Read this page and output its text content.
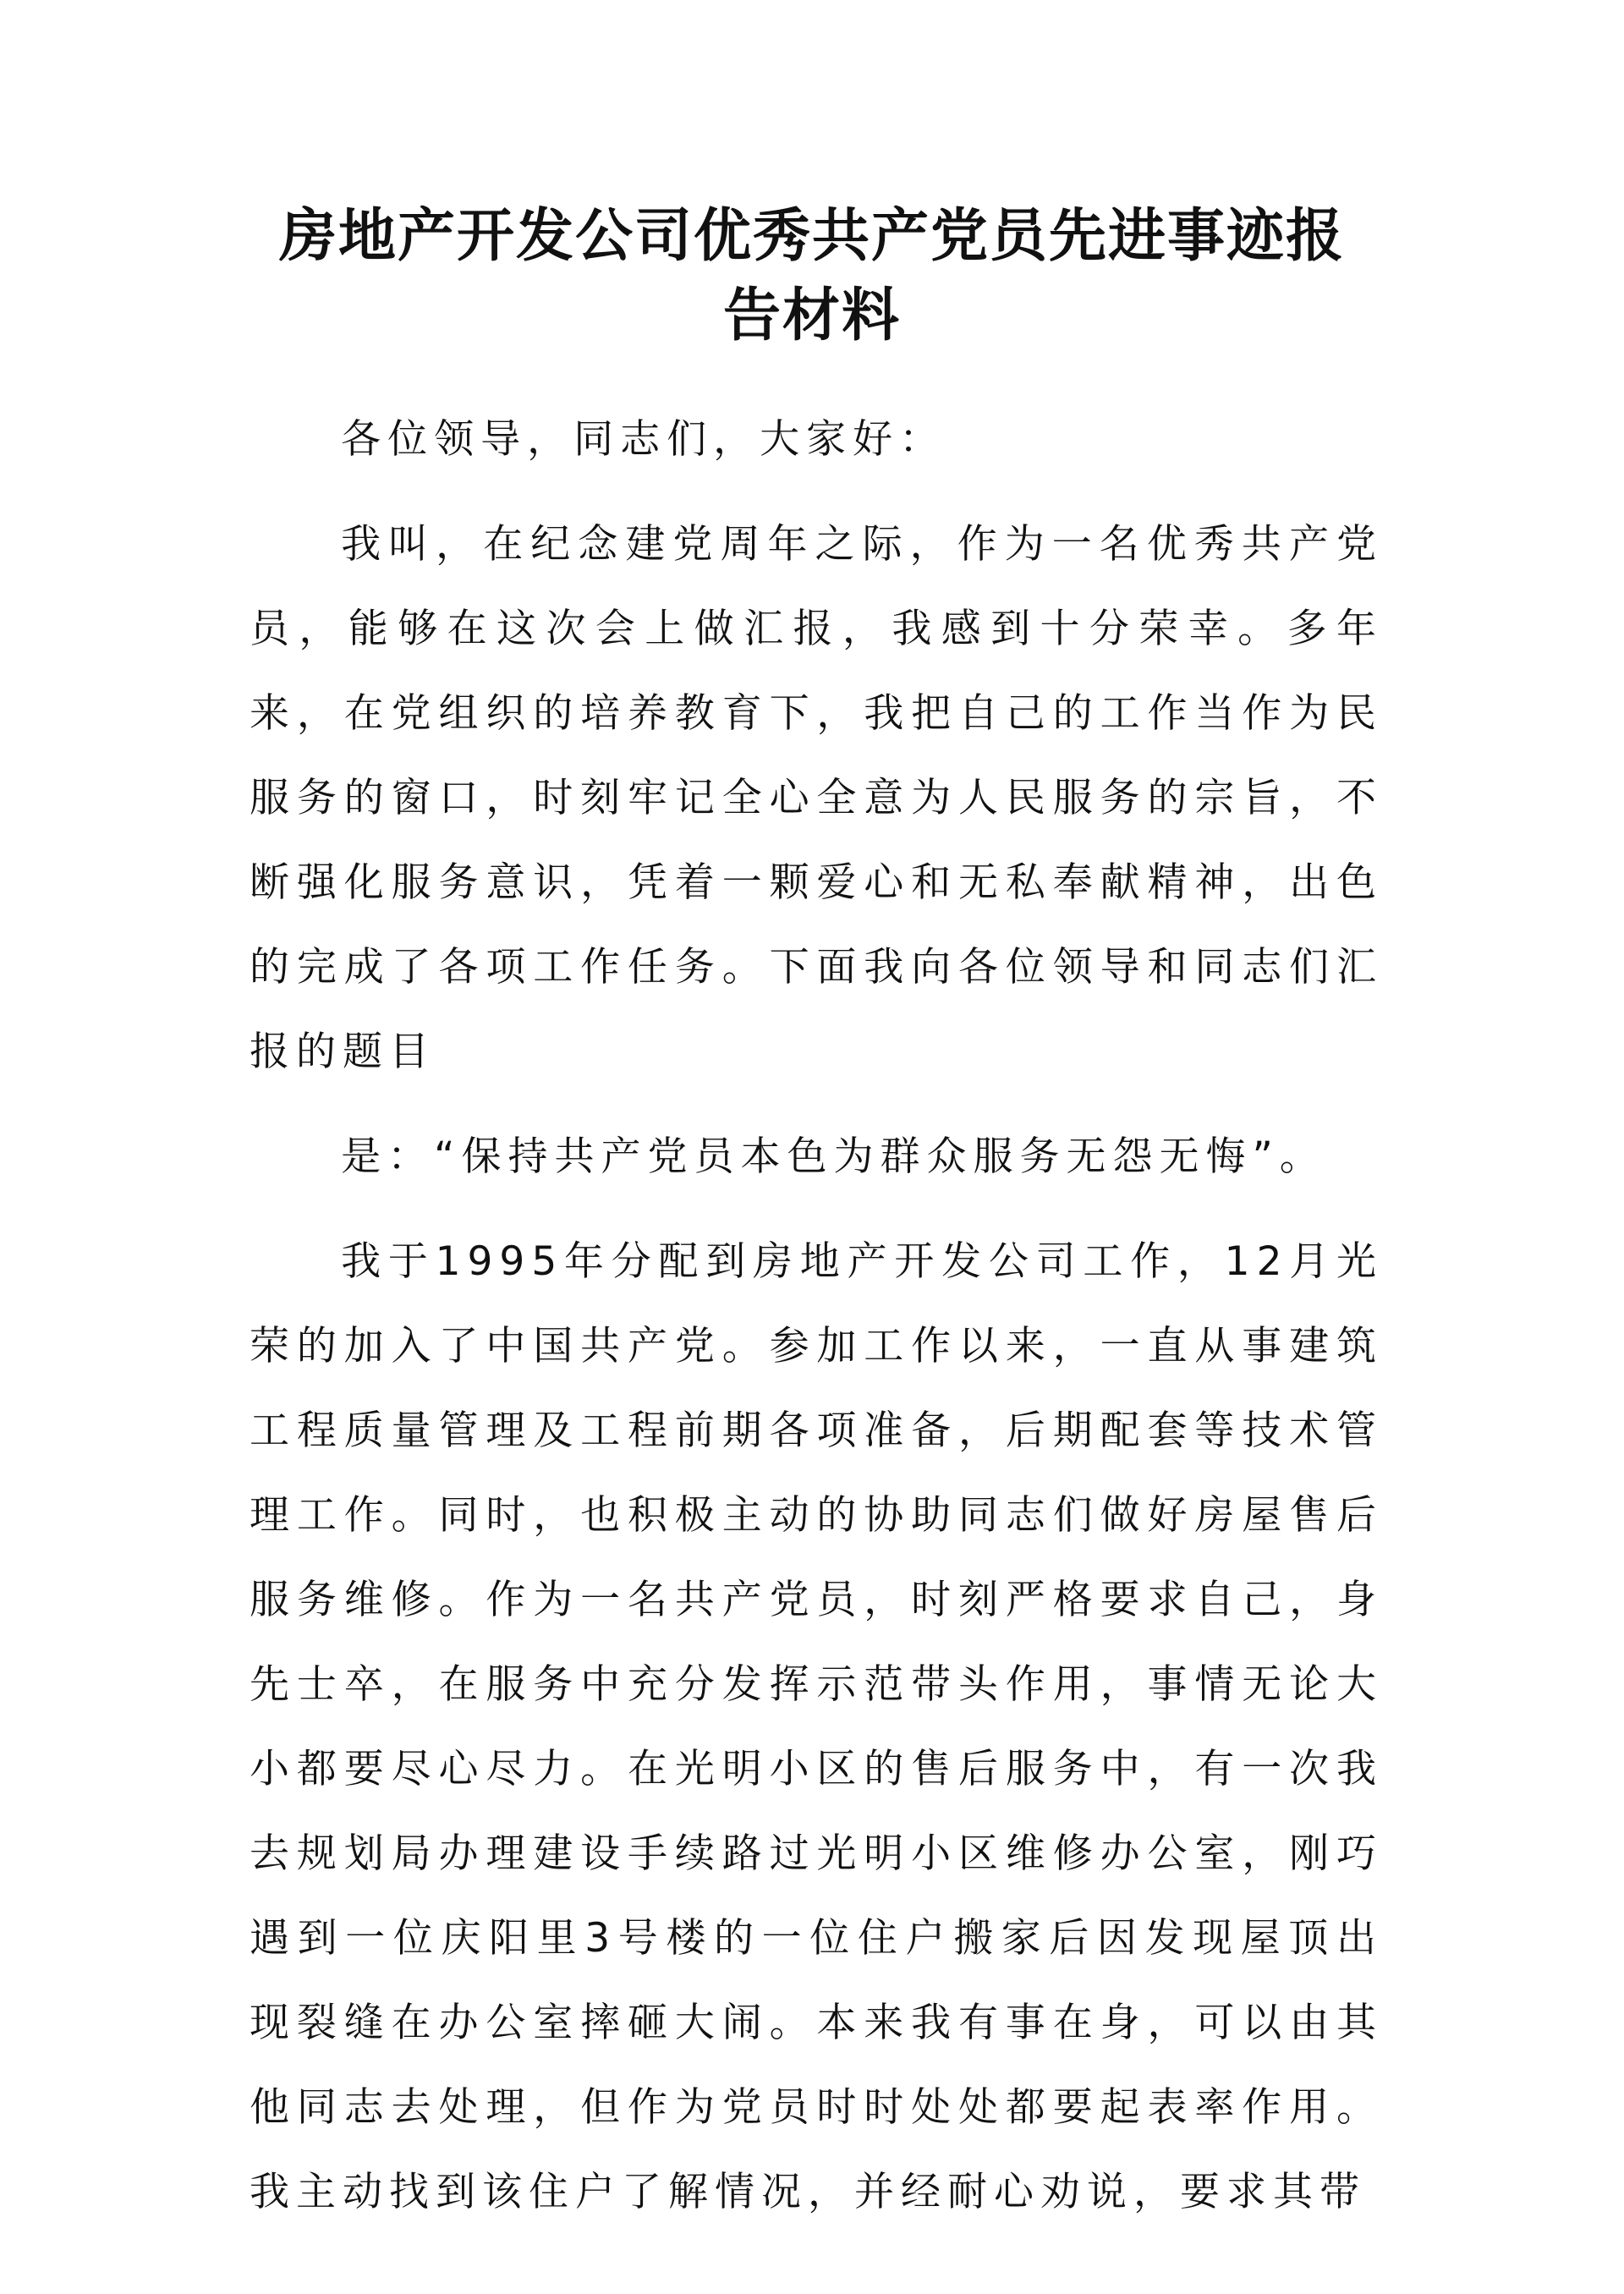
房地产开发公司优秀共产党员先进事迹报告材料

各位领导，同志们，大家好：

我叫，在纪念建党周年之际，作为一名优秀共产党员，能够在这次会上做汇报，我感到十分荣幸。多年来，在党组织的培养教育下，我把自己的工作当作为民服务的窗口，时刻牢记全心全意为人民服务的宗旨，不断强化服务意识，凭着一颗爱心和无私奉献精神，出色的完成了各项工作任务。下面我向各位领导和同志们汇报的题目

是：“保持共产党员本色为群众服务无怨无悔”。

我于1995年分配到房地产开发公司工作，12月光荣的加入了中国共产党。参加工作以来，一直从事建筑工程质量管理及工程前期各项准备，后期配套等技术管理工作。同时，也积极主动的协助同志们做好房屋售后服务维修。作为一名共产党员，时刻严格要求自己，身先士卒，在服务中充分发挥示范带头作用，事情无论大小都要尽心尽力。在光明小区的售后服务中，有一次我去规划局办理建设手续路过光明小区维修办公室，刚巧遇到一位庆阳里3号楼的一位住户搬家后因发现屋顶出现裂缝在办公室摔砸大闹。本来我有事在身，可以由其他同志去处理，但作为党员时时处处都要起表率作用。我主动找到该住户了解情况，并经耐心劝说，要求其带
